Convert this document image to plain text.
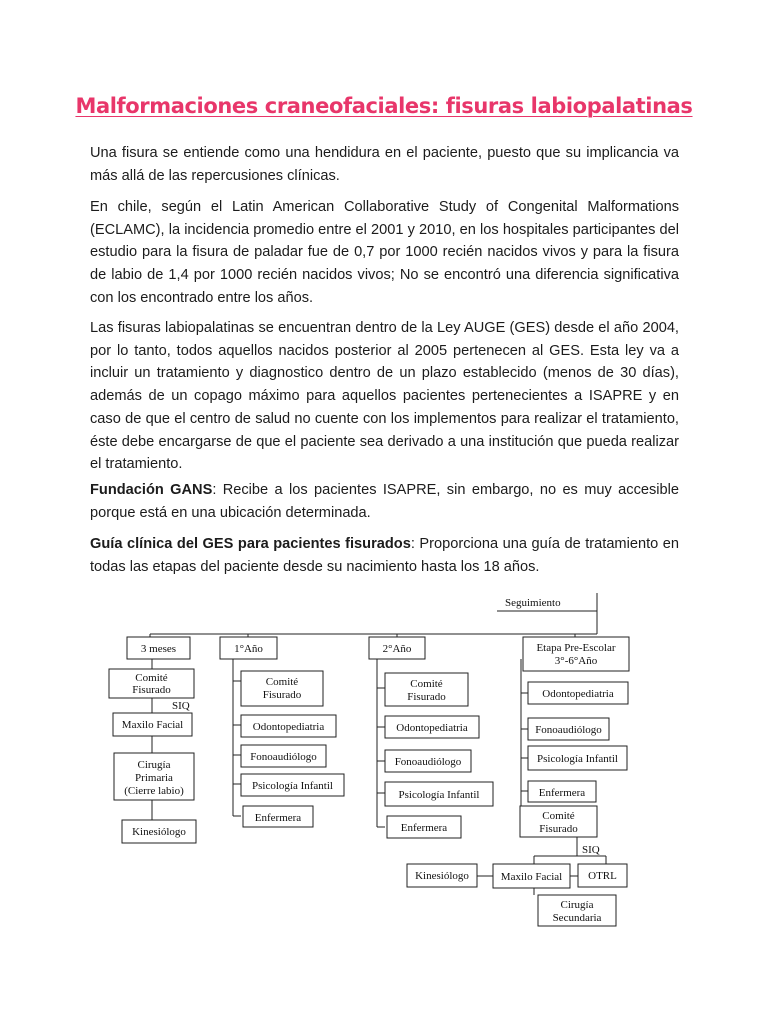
Malformaciones craneofaciales: fisuras labiopalatinas

Una fisura se entiende como una hendidura en el paciente, puesto que su implicancia va más allá de las repercusiones clínicas.

En chile, según el Latin American Collaborative Study of Congenital Malformations (ECLAMC), la incidencia promedio entre el 2001 y 2010, en los hospitales participantes del estudio para la fisura de paladar fue de 0,7 por 1000 recién nacidos vivos y para la fisura de labio de 1,4 por 1000 recién nacidos vivos; No se encontró una diferencia significativa con los encontrado entre los años.

Las fisuras labiopalatinas se encuentran dentro de la Ley AUGE (GES) desde el año 2004, por lo tanto, todos aquellos nacidos posterior al 2005 pertenecen al GES. Esta ley va a incluir un tratamiento y diagnostico dentro de un plazo establecido (menos de 30 días), además de un copago máximo para aquellos pacientes pertenecientes a ISAPRE y en caso de que el centro de salud no cuente con los implementos para realizar el tratamiento, éste debe encargarse de que el paciente sea derivado a una institución que pueda realizar el tratamiento.

Fundación GANS: Recibe a los pacientes ISAPRE, sin embargo, no es muy accesible porque está en una ubicación determinada.

Guía clínica del GES para pacientes fisurados: Proporciona una guía de tratamiento en todas las etapas del paciente desde su nacimiento hasta los 18 años.

Seguimiento
3 meses
Comité
Fisurado
SIQ
Maxilo Facial
Cirugía
Primaria
(Cierre labio)
Kinesiólogo
1°Año
Comité
Fisurado
Odontopediatria
Fonoaudiólogo
Psicología Infantil
Enfermera
2°Año
Comité
Fisurado
Odontopediatria
Fonoaudiólogo
Psicología Infantil
Enfermera
Etapa Pre-Escolar
3°-6°Año
Odontopediatria
Fonoaudiólogo
Psicología Infantil
Enfermera
Comité
Fisurado
SIQ
Kinesiólogo	Maxilo Facial OTRL
Cirugía
Secundaria
